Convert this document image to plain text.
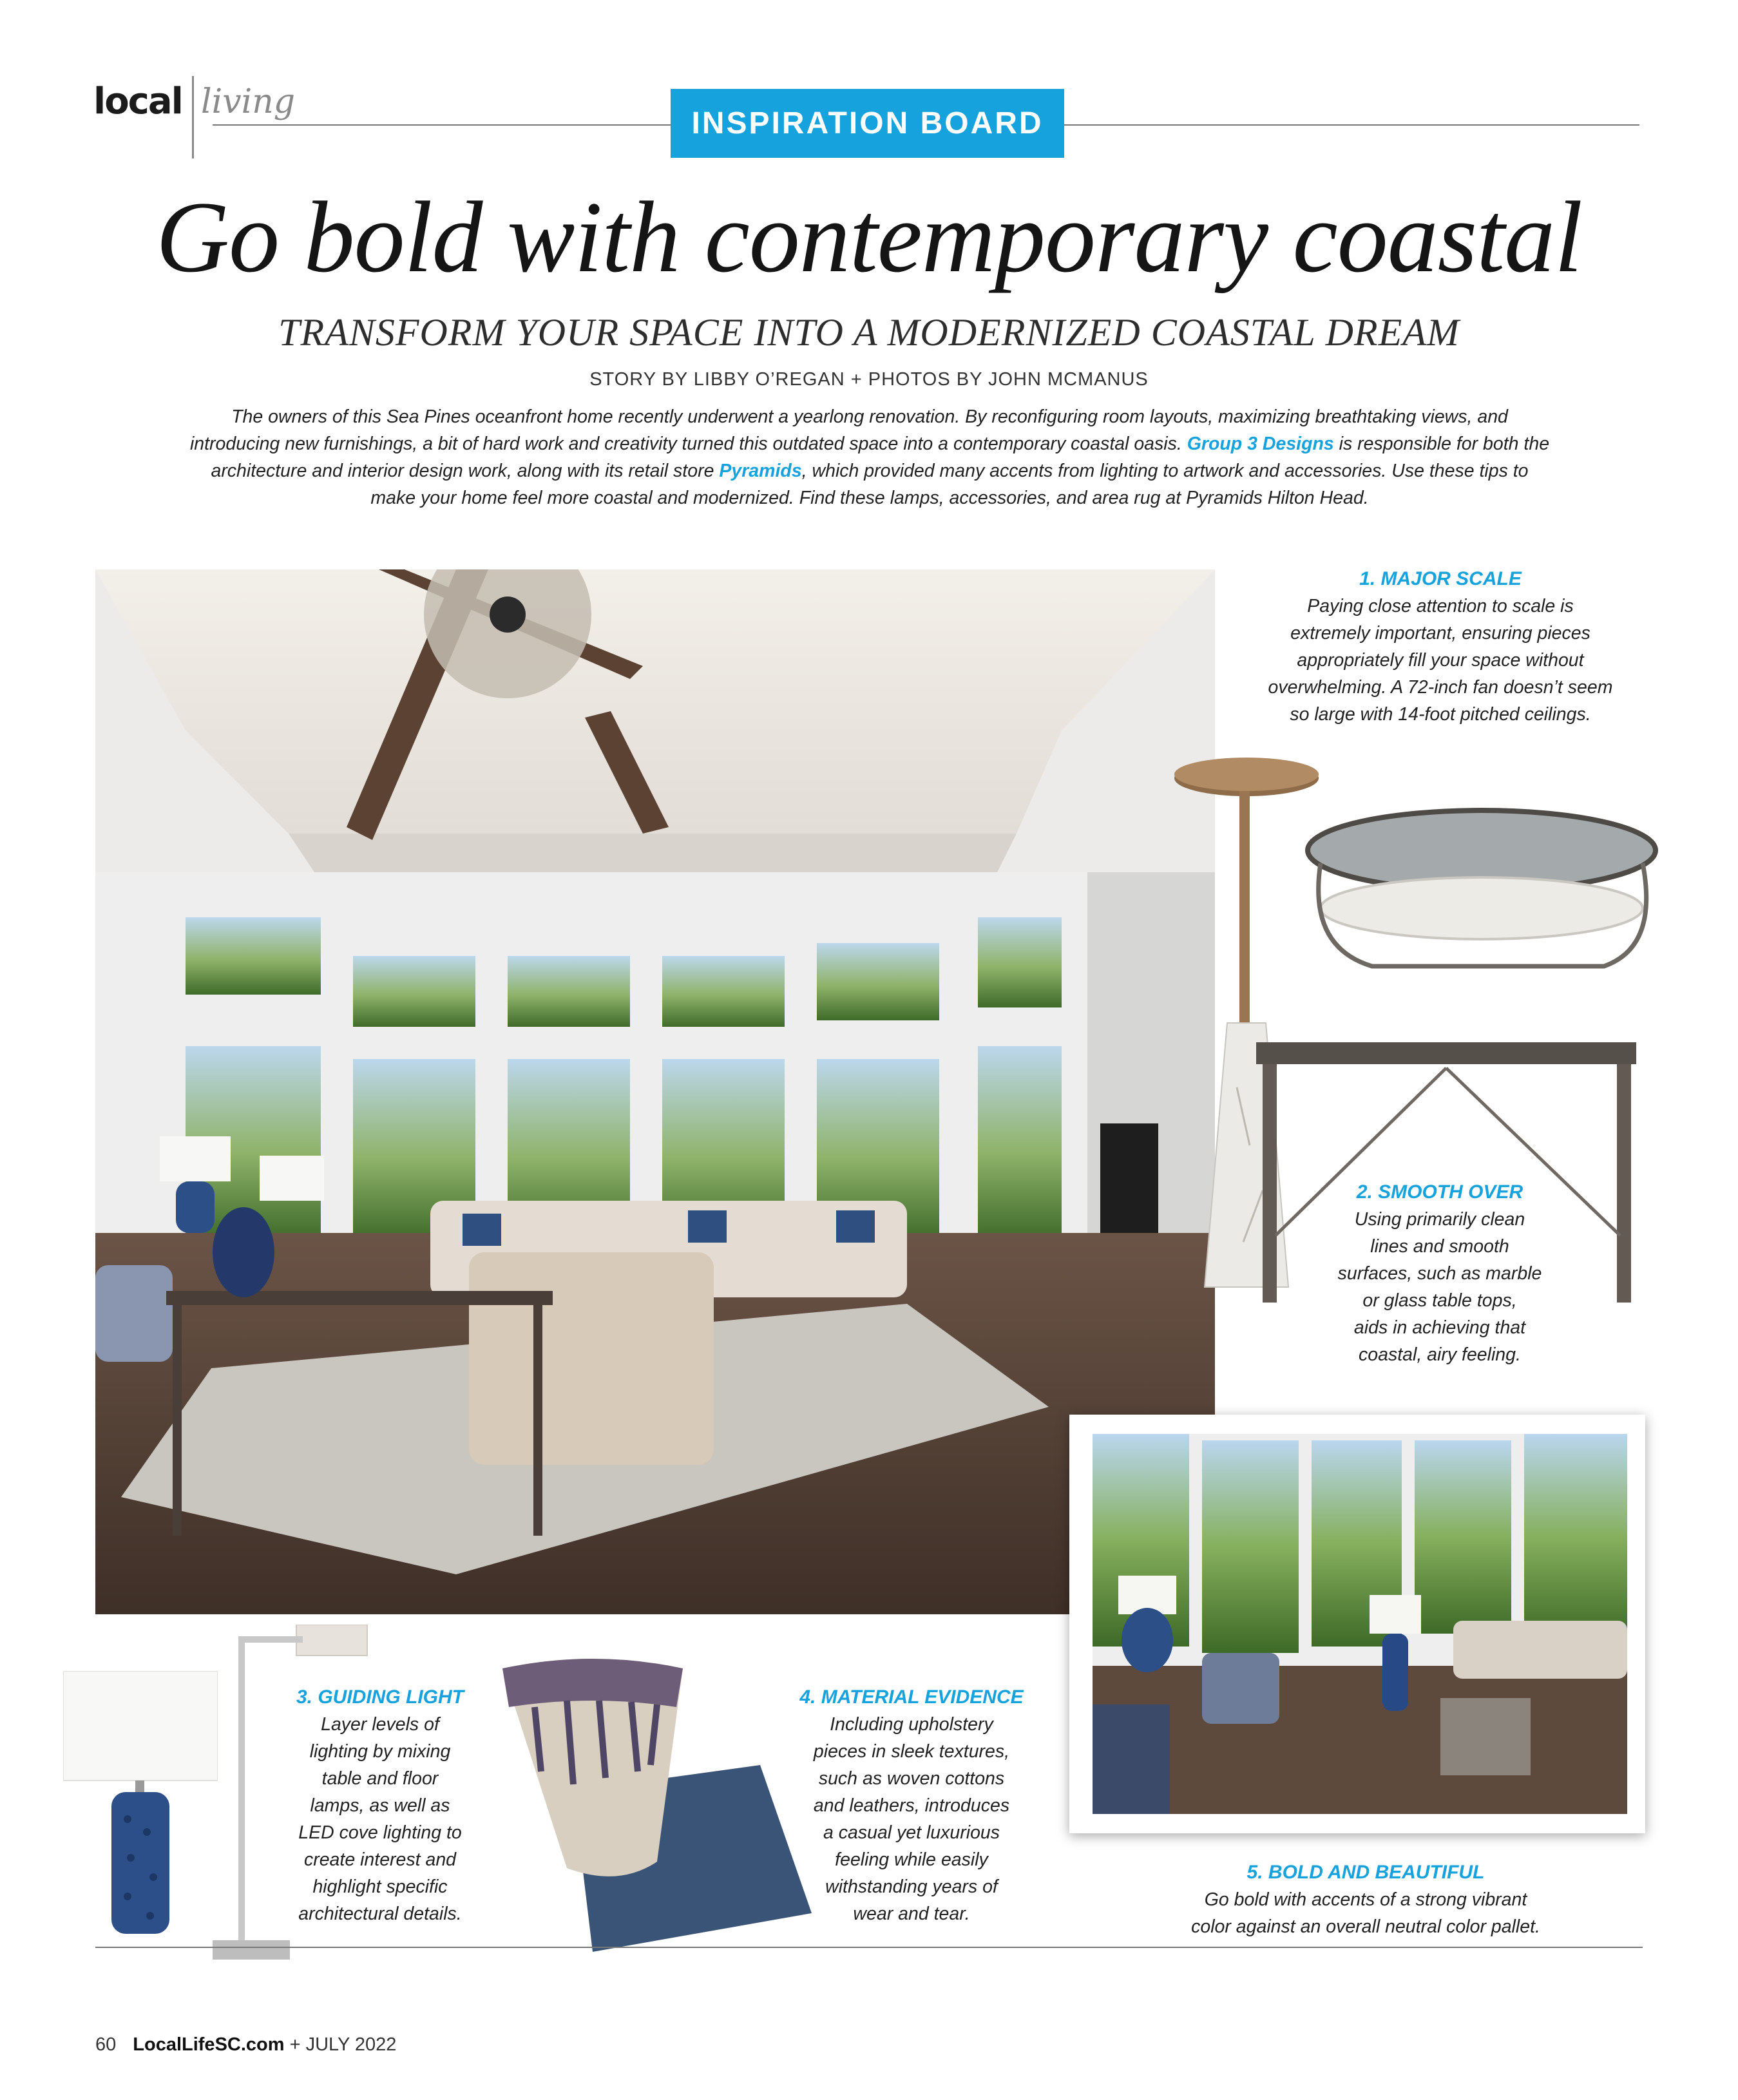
local living
INSPIRATION BOARD
Go bold with contemporary coastal
TRANSFORM YOUR SPACE INTO A MODERNIZED COASTAL DREAM
STORY BY LIBBY O’REGAN + PHOTOS BY JOHN MCMANUS
The owners of this Sea Pines oceanfront home recently underwent a yearlong renovation. By reconfiguring room layouts, maximizing breathtaking views, and introducing new furnishings, a bit of hard work and creativity turned this outdated space into a contemporary coastal oasis. Group 3 Designs is responsible for both the architecture and interior design work, along with its retail store Pyramids, which provided many accents from lighting to artwork and accessories. Use these tips to make your home feel more coastal and modernized. Find these lamps, accessories, and area rug at Pyramids Hilton Head.
1. MAJOR SCALE
Paying close attention to scale is
extremely important, ensuring pieces
appropriately fill your space without
overwhelming. A 72-inch fan doesn’t seem
so large with 14-foot pitched ceilings.
2. SMOOTH OVER
Using primarily clean
lines and smooth
surfaces, such as marble
or glass table tops,
aids in achieving that
coastal, airy feeling.
3. GUIDING LIGHT
Layer levels of
lighting by mixing
table and floor
lamps, as well as
LED cove lighting to
create interest and
highlight specific
architectural details.
4. MATERIAL EVIDENCE
Including upholstery
pieces in sleek textures,
such as woven cottons
and leathers, introduces
a casual yet luxurious
feeling while easily
withstanding years of
wear and tear.
5. BOLD AND BEAUTIFUL
Go bold with accents of a strong vibrant
color against an overall neutral color pallet.
60 LocalLifeSC.com + JULY 2022
